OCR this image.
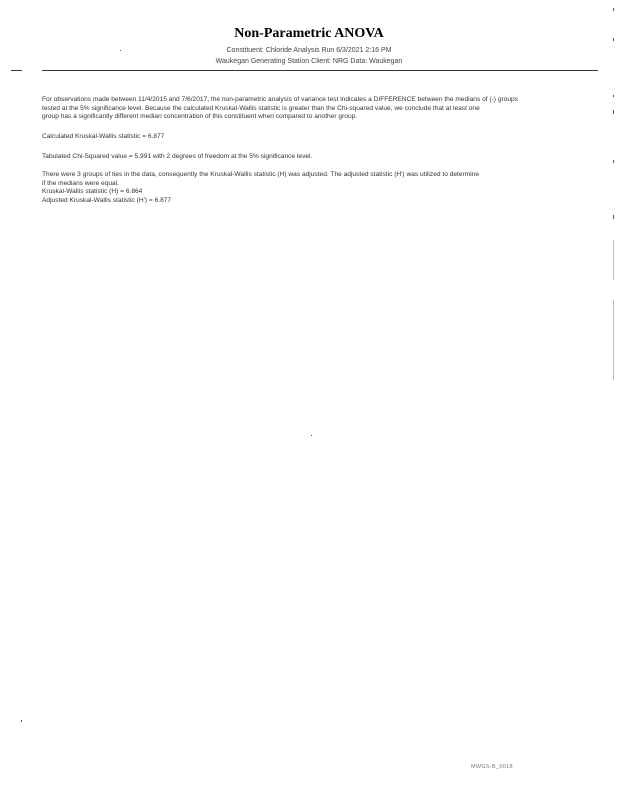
Non-Parametric ANOVA
Constituent: Chloride Analysis Run 6/3/2021 2:16 PM
Waukegan Generating Station Client: NRG Data: Waukegan
For observations made between 11/4/2015 and 7/6/2017, the non-parametric analysis of variance test indicates a DIFFERENCE between the medians of (-) groups
tested at the 5% significance level. Because the calculated Kruskal-Wallis statistic is greater than the Chi-squared value, we conclude that at least one
group has a significantly different median concentration of this constituent when compared to another group.
Calculated Kruskal-Wallis statistic = 6.877
Tabulated Chi-Squared value = 5.991 with 2 degrees of freedom at the 5% significance level.
There were 3 groups of ties in the data, consequently the Kruskal-Wallis statistic (H) was adjusted. The adjusted statistic (H') was utilized to determine
if the medians were equal.
Kruskal-Wallis statistic (H) = 6.864
Adjusted Kruskal-Wallis statistic (H') = 6.877
MWGS-B_0018
